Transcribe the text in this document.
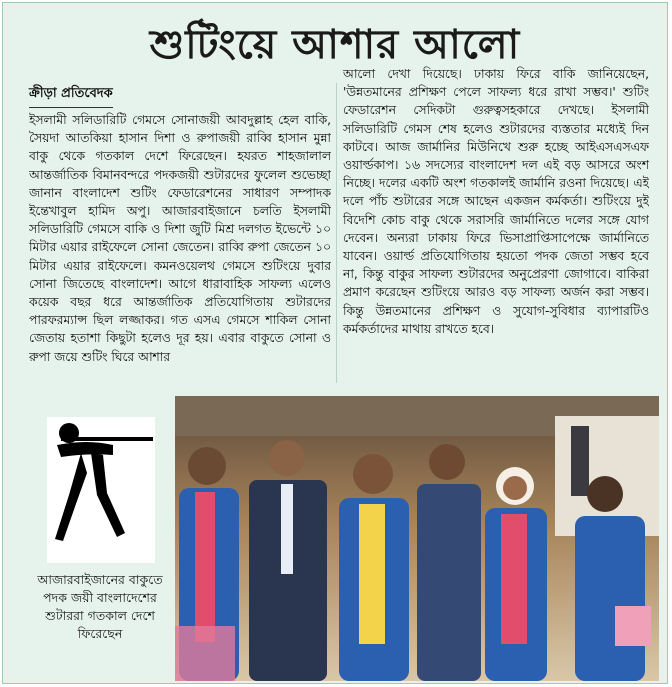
শুটিংয়ে আশার আলো
ক্রীড়া প্রতিবেদক

ইসলামী সলিডারিটি গেমসে সোনাজয়ী আবদুল্লাহ হেল বাকি, সৈয়দা আতকিয়া হাসান দিশা ও রুপাজয়ী রাব্বি হাসান মুন্না বাকু থেকে গতকাল দেশে ফিরেছেন। হযরত শাহজালাল আন্তর্জাতিক বিমানবন্দরে পদকজয়ী শুটারদের ফুলেল শুভেচ্ছা জানান বাংলাদেশ শুটিং ফেডারেশনের সাধারণ সম্পাদক ইন্তেখাবুল হামিদ অপু। আজারবাইজানে চলতি ইসলামী সলিডারিটি গেমসে বাকি ও দিশা জুটি মিশ্র দলগত ইভেন্টে ১০ মিটার এয়ার রাইফেলে সোনা জেতেন। রাব্বি রুপা জেতেন ১০ মিটার এয়ার রাইফেলে। কমনওয়েলথ গেমসে শুটিংয়ে দুবার সোনা জিতেছে বাংলাদেশ। আগে ধারাবাহিক সাফল্য এলেও কয়েক বছর ধরে আন্তর্জাতিক প্রতিযোগিতায় শুটারদের পারফরম্যান্স ছিল লজ্জাকর। গত এসএ গেমসে শাকিল সোনা জেতায় হতাশা কিছুটা হলেও দূর হয়। এবার বাকুতে সোনা ও রুপা জয়ে শুটিং ঘিরে আশার

আলো দেখা দিয়েছে। ঢাকায় ফিরে বাকি জানিয়েছেন, 'উন্নতমানের প্রশিক্ষণ পেলে সাফল্য ধরে রাখা সম্ভব।' শুটিং ফেডারেশন সেদিকটা গুরুত্বসহকারে দেখছে। ইসলামী সলিডারিটি গেমস শেষ হলেও শুটারদের ব্যস্ততার মধ্যেই দিন কাটবে। আজ জার্মানির মিউনিখে শুরু হচ্ছে আইএসএসএফ ওয়ার্ল্ডকাপ। ১৬ সদস্যের বাংলাদেশ দল এই বড় আসরে অংশ নিচ্ছে। দলের একটি অংশ গতকালই জার্মানি রওনা দিয়েছে। এই দলে পাঁচ শুটারের সঙ্গে আছেন একজন কর্মকর্তা। শুটিংয়ে দুই বিদেশি কোচ বাকু থেকে সরাসরি জার্মানিতে দলের সঙ্গে যোগ দেবেন। অন্যরা ঢাকায় ফিরে ভিসাপ্রাপ্তিসাপেক্ষে জার্মানিতে যাবেন। ওয়ার্ল্ড প্রতিযোগিতায় হয়তো পদক জেতা সম্ভব হবে না, কিন্তু বাকুর সাফল্য শুটারদের অনুপ্রেরণা জোগাবে। বাকিরা প্রমাণ করেছেন শুটিংয়ে আরও বড় সাফল্য অর্জন করা সম্ভব। কিন্তু উন্নতমানের প্রশিক্ষণ ও সুযোগ-সুবিধার ব্যাপারটিও কর্মকর্তাদের মাথায় রাখতে হবে।

আজারবাইজানের বাকুতে পদক জয়ী বাংলাদেশের শুটাররা গতকাল দেশে ফিরেছেন
